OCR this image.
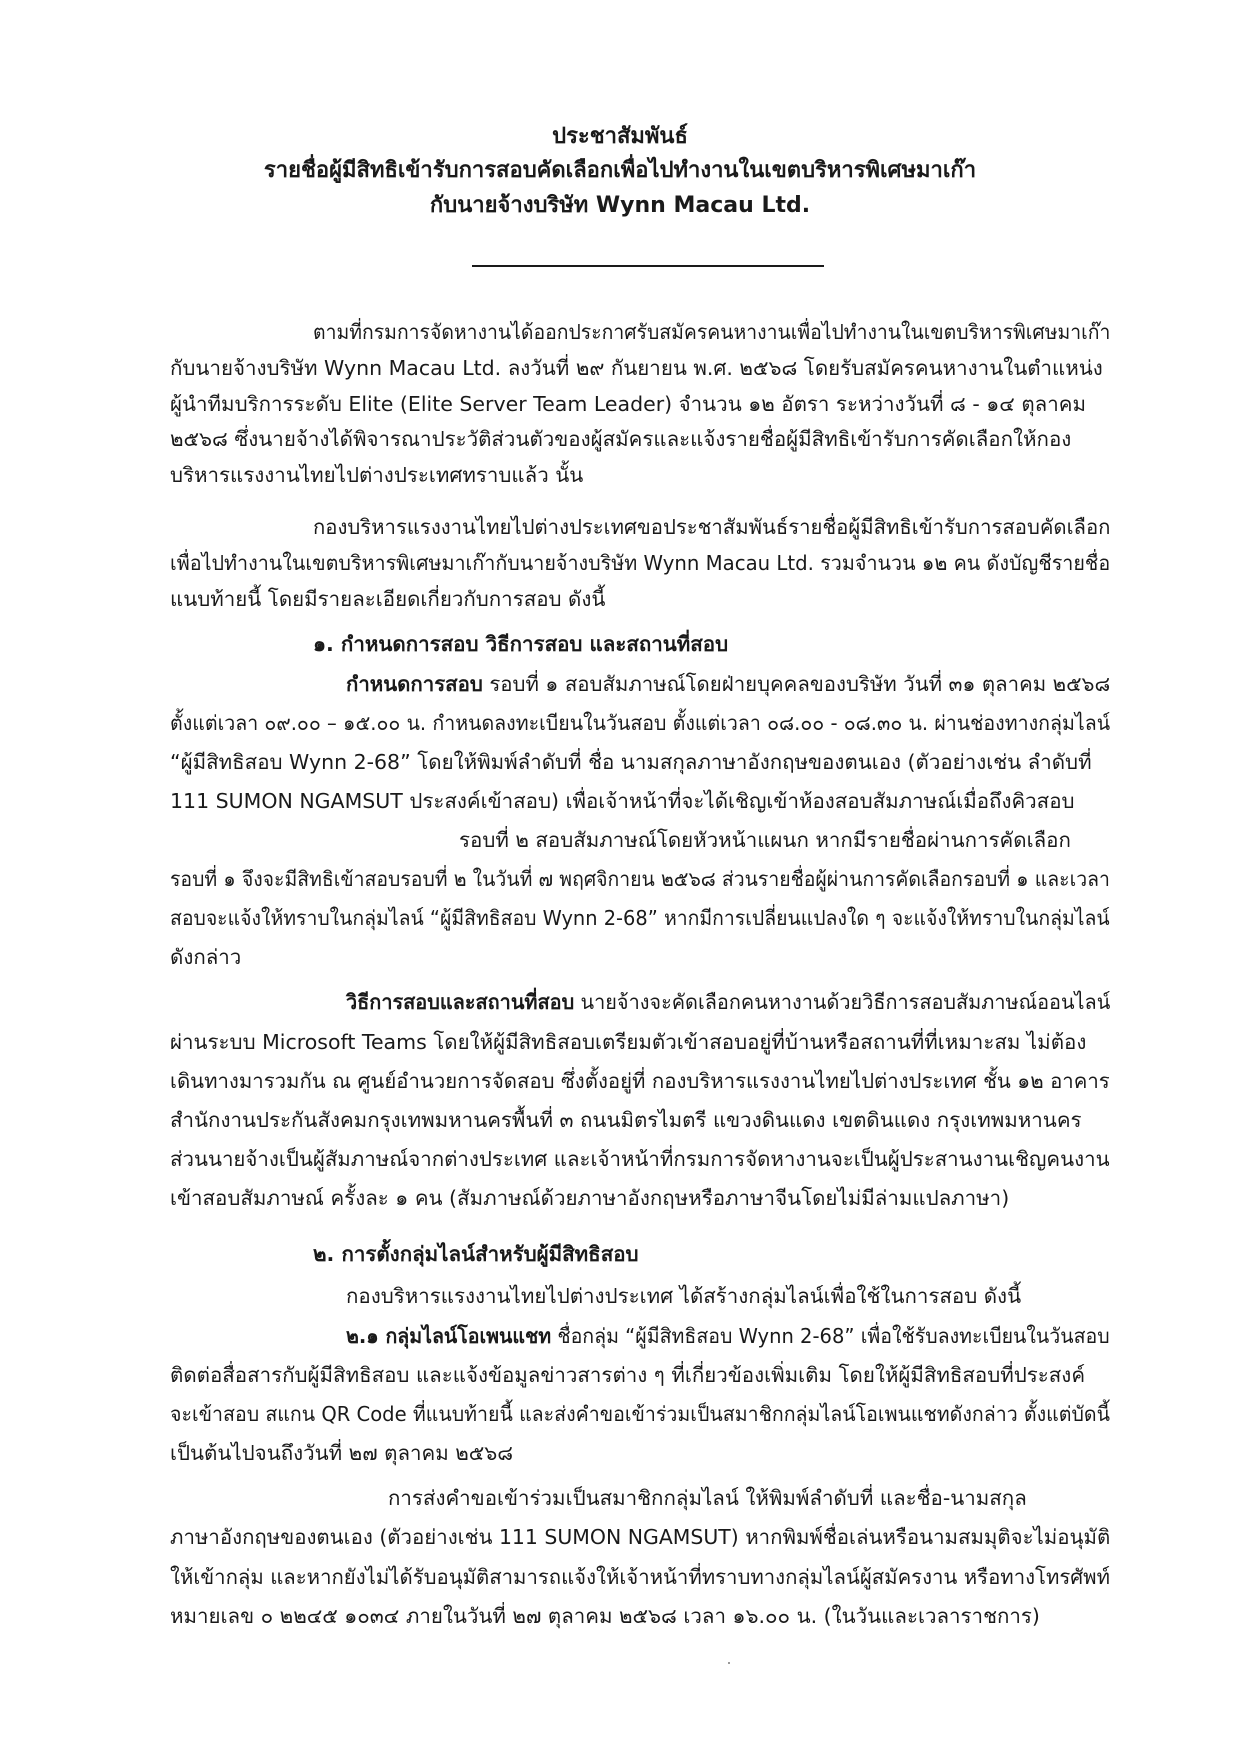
ประชาสัมพันธ์
รายชื่อผู้มีสิทธิเข้ารับการสอบคัดเลือกเพื่อไปทำงานในเขตบริหารพิเศษมาเก๊า
กับนายจ้างบริษัท Wynn Macau Ltd.
ตามที่กรมการจัดหางานได้ออกประกาศรับสมัครคนหางานเพื่อไปทำงานในเขตบริหารพิเศษมาเก๊า
กับนายจ้างบริษัท Wynn Macau Ltd. ลงวันที่ ๒๙ กันยายน พ.ศ. ๒๕๖๘ โดยรับสมัครคนหางานในตำแหน่ง
ผู้นำทีมบริการระดับ Elite (Elite Server Team Leader) จำนวน ๑๒ อัตรา ระหว่างวันที่ ๘ - ๑๔ ตุลาคม
๒๕๖๘ ซึ่งนายจ้างได้พิจารณาประวัติส่วนตัวของผู้สมัครและแจ้งรายชื่อผู้มีสิทธิเข้ารับการคัดเลือกให้กอง
บริหารแรงงานไทยไปต่างประเทศทราบแล้ว นั้น
กองบริหารแรงงานไทยไปต่างประเทศขอประชาสัมพันธ์รายชื่อผู้มีสิทธิเข้ารับการสอบคัดเลือก
เพื่อไปทำงานในเขตบริหารพิเศษมาเก๊ากับนายจ้างบริษัท Wynn Macau Ltd. รวมจำนวน ๑๒ คน ดังบัญชีรายชื่อ
แนบท้ายนี้ โดยมีรายละเอียดเกี่ยวกับการสอบ ดังนี้
๑. กำหนดการสอบ วิธีการสอบ และสถานที่สอบ
กำหนดการสอบ รอบที่ ๑ สอบสัมภาษณ์โดยฝ่ายบุคคลของบริษัท วันที่ ๓๑ ตุลาคม ๒๕๖๘
ตั้งแต่เวลา ๐๙.๐๐ – ๑๕.๐๐ น. กำหนดลงทะเบียนในวันสอบ ตั้งแต่เวลา ๐๘.๐๐ - ๐๘.๓๐ น. ผ่านช่องทางกลุ่มไลน์
“ผู้มีสิทธิสอบ Wynn 2-68” โดยให้พิมพ์ลำดับที่ ชื่อ นามสกุลภาษาอังกฤษของตนเอง (ตัวอย่างเช่น ลำดับที่
111 SUMON NGAMSUT ประสงค์เข้าสอบ) เพื่อเจ้าหน้าที่จะได้เชิญเข้าห้องสอบสัมภาษณ์เมื่อถึงคิวสอบ
รอบที่ ๒ สอบสัมภาษณ์โดยหัวหน้าแผนก หากมีรายชื่อผ่านการคัดเลือก
รอบที่ ๑ จึงจะมีสิทธิเข้าสอบรอบที่ ๒ ในวันที่ ๗ พฤศจิกายน ๒๕๖๘ ส่วนรายชื่อผู้ผ่านการคัดเลือกรอบที่ ๑ และเวลา
สอบจะแจ้งให้ทราบในกลุ่มไลน์ “ผู้มีสิทธิสอบ Wynn 2-68” หากมีการเปลี่ยนแปลงใด ๆ จะแจ้งให้ทราบในกลุ่มไลน์
ดังกล่าว
วิธีการสอบและสถานที่สอบ นายจ้างจะคัดเลือกคนหางานด้วยวิธีการสอบสัมภาษณ์ออนไลน์
ผ่านระบบ Microsoft Teams โดยให้ผู้มีสิทธิสอบเตรียมตัวเข้าสอบอยู่ที่บ้านหรือสถานที่ที่เหมาะสม ไม่ต้อง
เดินทางมารวมกัน ณ ศูนย์อำนวยการจัดสอบ ซึ่งตั้งอยู่ที่ กองบริหารแรงงานไทยไปต่างประเทศ ชั้น ๑๒ อาคาร
สำนักงานประกันสังคมกรุงเทพมหานครพื้นที่ ๓ ถนนมิตรไมตรี แขวงดินแดง เขตดินแดง กรุงเทพมหานคร
ส่วนนายจ้างเป็นผู้สัมภาษณ์จากต่างประเทศ และเจ้าหน้าที่กรมการจัดหางานจะเป็นผู้ประสานงานเชิญคนงาน
เข้าสอบสัมภาษณ์ ครั้งละ ๑ คน (สัมภาษณ์ด้วยภาษาอังกฤษหรือภาษาจีนโดยไม่มีล่ามแปลภาษา)
๒. การตั้งกลุ่มไลน์สำหรับผู้มีสิทธิสอบ
กองบริหารแรงงานไทยไปต่างประเทศ ได้สร้างกลุ่มไลน์เพื่อใช้ในการสอบ ดังนี้
๒.๑ กลุ่มไลน์โอเพนแชท ชื่อกลุ่ม “ผู้มีสิทธิสอบ Wynn 2-68” เพื่อใช้รับลงทะเบียนในวันสอบ
ติดต่อสื่อสารกับผู้มีสิทธิสอบ และแจ้งข้อมูลข่าวสารต่าง ๆ ที่เกี่ยวข้องเพิ่มเติม โดยให้ผู้มีสิทธิสอบที่ประสงค์
จะเข้าสอบ สแกน QR Code ที่แนบท้ายนี้ และส่งคำขอเข้าร่วมเป็นสมาชิกกลุ่มไลน์โอเพนแชทดังกล่าว ตั้งแต่บัดนี้
เป็นต้นไปจนถึงวันที่ ๒๗ ตุลาคม ๒๕๖๘
การส่งคำขอเข้าร่วมเป็นสมาชิกกลุ่มไลน์ ให้พิมพ์ลำดับที่ และชื่อ-นามสกุล
ภาษาอังกฤษของตนเอง (ตัวอย่างเช่น 111 SUMON NGAMSUT) หากพิมพ์ชื่อเล่นหรือนามสมมุติจะไม่อนุมัติ
ให้เข้ากลุ่ม และหากยังไม่ได้รับอนุมัติสามารถแจ้งให้เจ้าหน้าที่ทราบทางกลุ่มไลน์ผู้สมัครงาน หรือทางโทรศัพท์
หมายเลข ๐ ๒๒๔๕ ๑๐๓๔ ภายในวันที่ ๒๗ ตุลาคม ๒๕๖๘ เวลา ๑๖.๐๐ น. (ในวันและเวลาราชการ)
